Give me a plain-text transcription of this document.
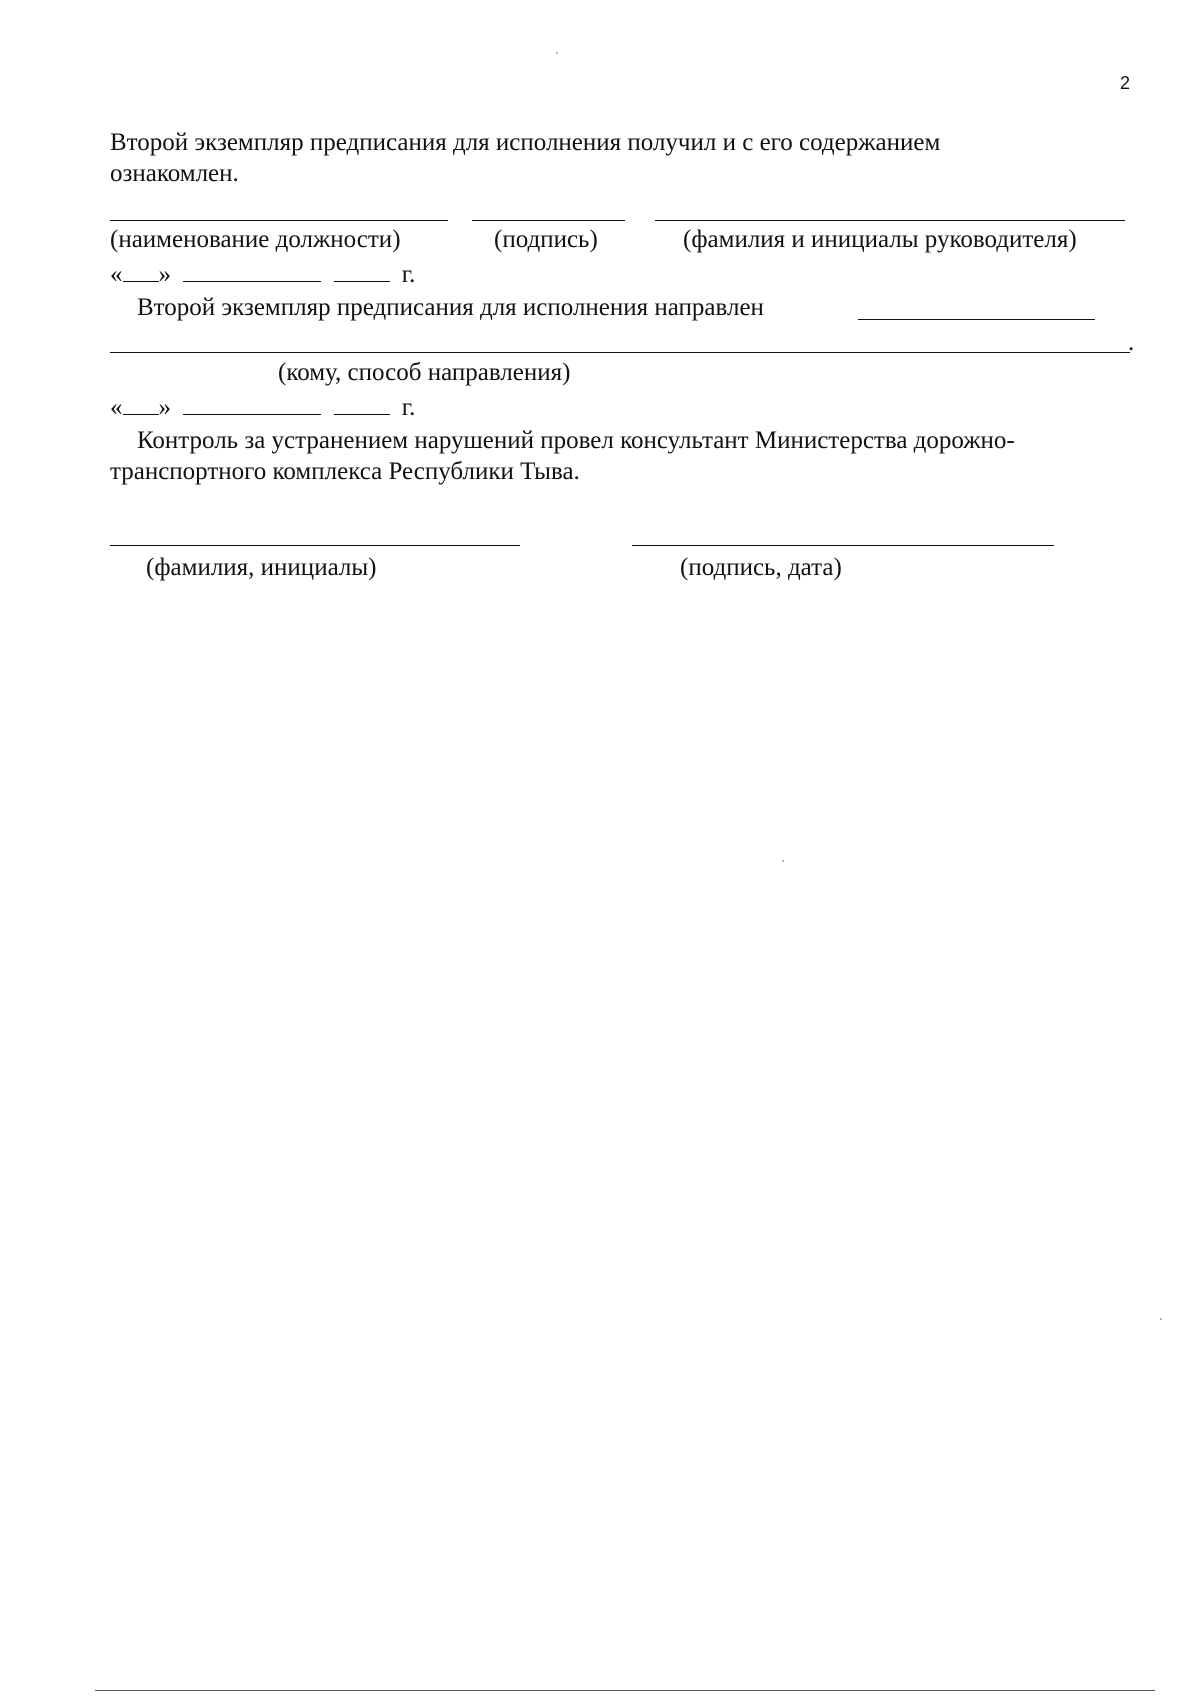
2
Второй экземпляр предписания для исполнения получил и с его содержанием
ознакомлен.
(наименование должности)	(подпись)	(фамилия и инициалы руководителя)
« »	г.
Второй экземпляр предписания для исполнения направлен
.
(кому, способ направления)
« »	г.
Контроль за устранением нарушений провел консультант Министерства дорожно-
транспортного комплекса Республики Тыва.
(фамилия, инициалы)	(подпись, дата)
